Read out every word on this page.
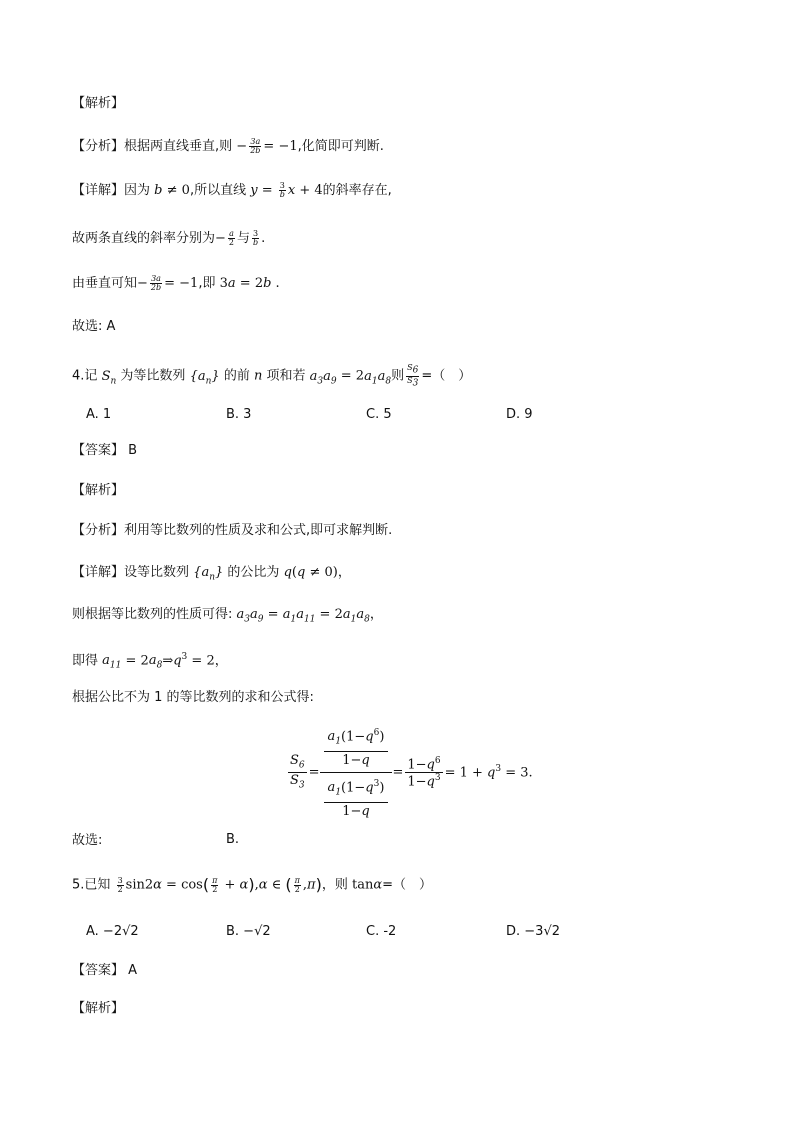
【解析】
【分析】根据两直线垂直,则 − $\frac{3a}{2b} = -1$,化简即可判断.
【详解】因为 b ≠ 0,所以直线 $y = \frac{3}{b}$ x + 4的斜率存在,
故两条直线的斜率分别为− $\frac{a}{2}$ 与 $\frac{3}{b}$ .
由垂直可知− $\frac{3a}{2b} = -1$,即 3a = 2b .
故选: A
4.记 $S_n$ 为等比数列 $\{a_n\}$ 的前 n 项和若 $a_3a_9 = 2a_1a_8$则 $\frac{S_6}{S_3}$ =（　）
A. 1	B. 3	C. 5	D. 9
【答案】 B
【解析】
【分析】利用等比数列的性质及求和公式,即可求解判断.
【详解】设等比数列 $\{a_n\}$ 的公比为 q(q ≠ 0)，
则根据等比数列的性质可得: $a_3a_9 = a_1a_{11} = 2a_1a_8$，
即得 $a_{11}$ = $2a_8\Rightarrow q^3 = 2$，
根据公比不为 1 的等比数列的求和公式得:
$\frac{S_6}{S_3} = a_1(1-q^6)$
1−q
$a_1(1-q^3)$
$1-q = \frac{1-q^6}{1-q^3} = 1 + q^3 = 3$.
故选:	B.
5.已知 $\frac{3}{2} \sin 2\alpha = \cos( \frac{\pi}{2} + \alpha),\alpha$ ∈ ( $\frac{\pi}{2} ,\pi$)，则 tanα=（　）
A. −2√2	B. −√2	C. -2	D. −3√2
【答案】 A
【解析】
